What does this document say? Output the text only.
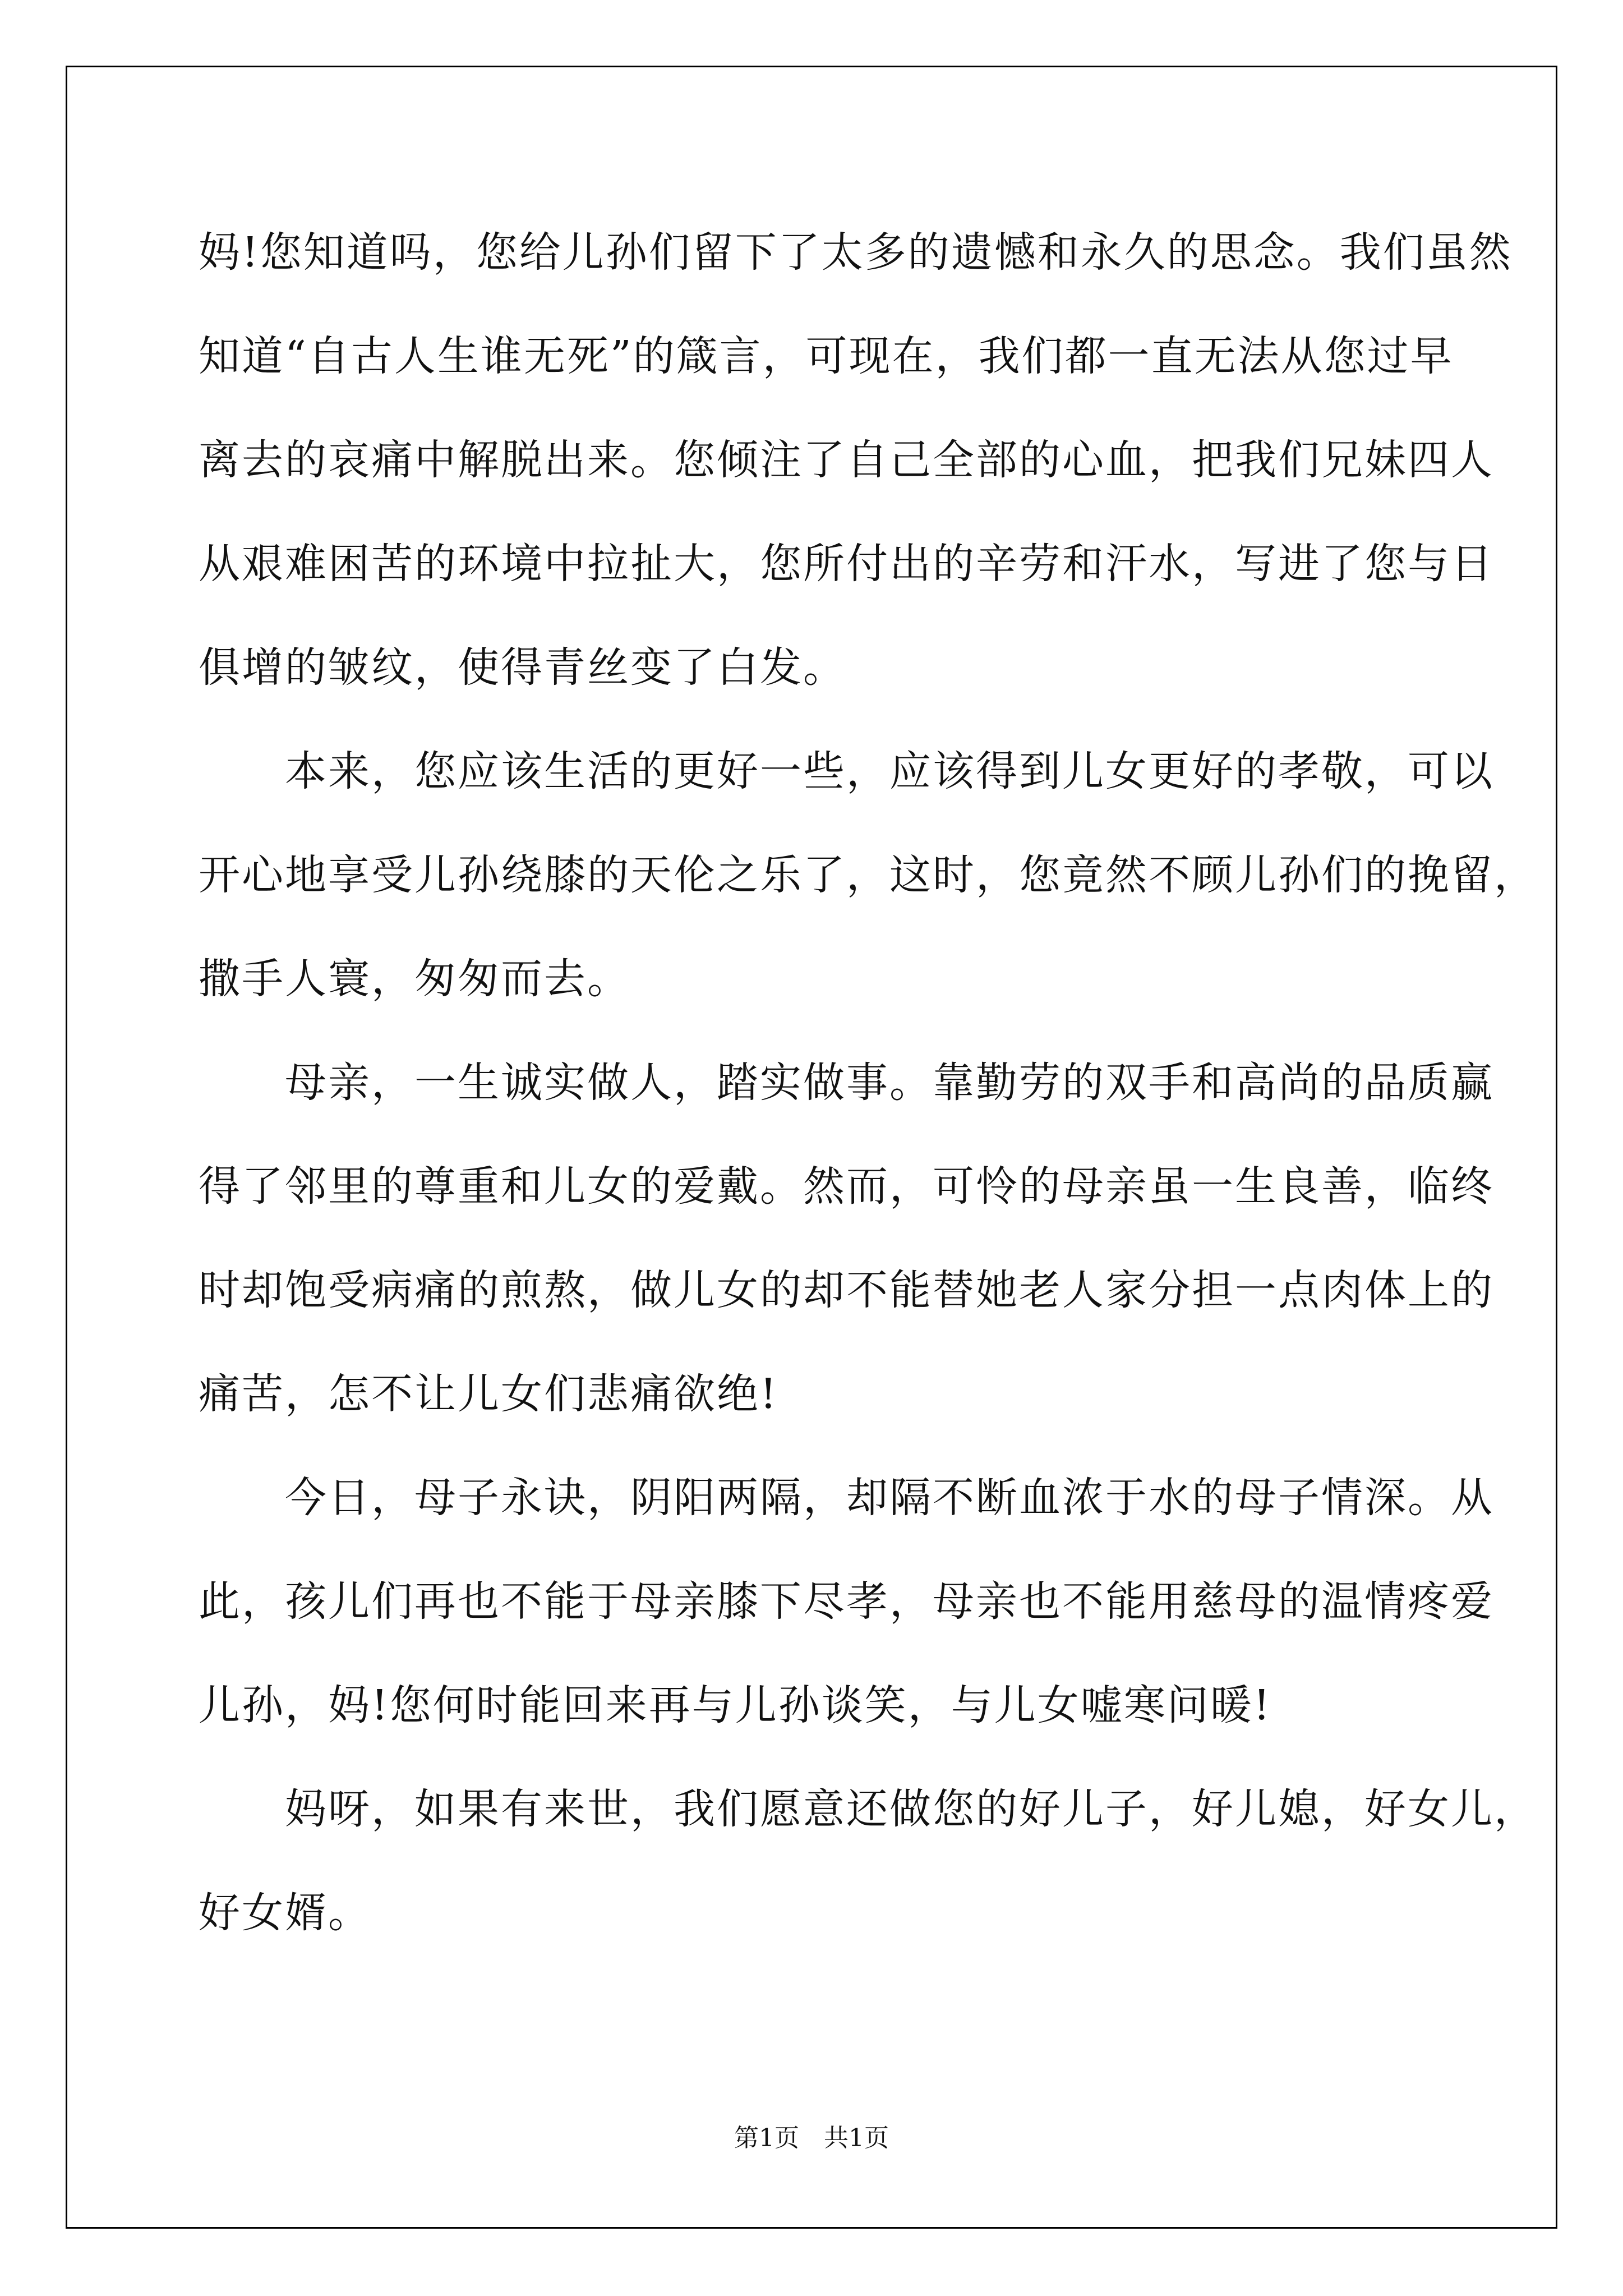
妈!您知道吗，您给儿孙们留下了太多的遗憾和永久的思念。我们虽然
知道“自古人生谁无死”的箴言，可现在，我们都一直无法从您过早
离去的哀痛中解脱出来。您倾注了自己全部的心血，把我们兄妹四人
从艰难困苦的环境中拉扯大，您所付出的辛劳和汗水，写进了您与日
俱增的皱纹，使得青丝变了白发。
　　本来，您应该生活的更好一些，应该得到儿女更好的孝敬，可以
开心地享受儿孙绕膝的天伦之乐了，这时，您竟然不顾儿孙们的挽留，
撒手人寰，匆匆而去。
　　母亲，一生诚实做人，踏实做事。靠勤劳的双手和高尚的品质赢
得了邻里的尊重和儿女的爱戴。然而，可怜的母亲虽一生良善，临终
时却饱受病痛的煎熬，做儿女的却不能替她老人家分担一点肉体上的
痛苦，怎不让儿女们悲痛欲绝!
　　今日，母子永诀，阴阳两隔，却隔不断血浓于水的母子情深。从
此，孩儿们再也不能于母亲膝下尽孝，母亲也不能用慈母的温情疼爱
儿孙，妈!您何时能回来再与儿孙谈笑，与儿女嘘寒问暖!
　　妈呀，如果有来世，我们愿意还做您的好儿子，好儿媳，好女儿，
好女婿。
第1页　共1页
